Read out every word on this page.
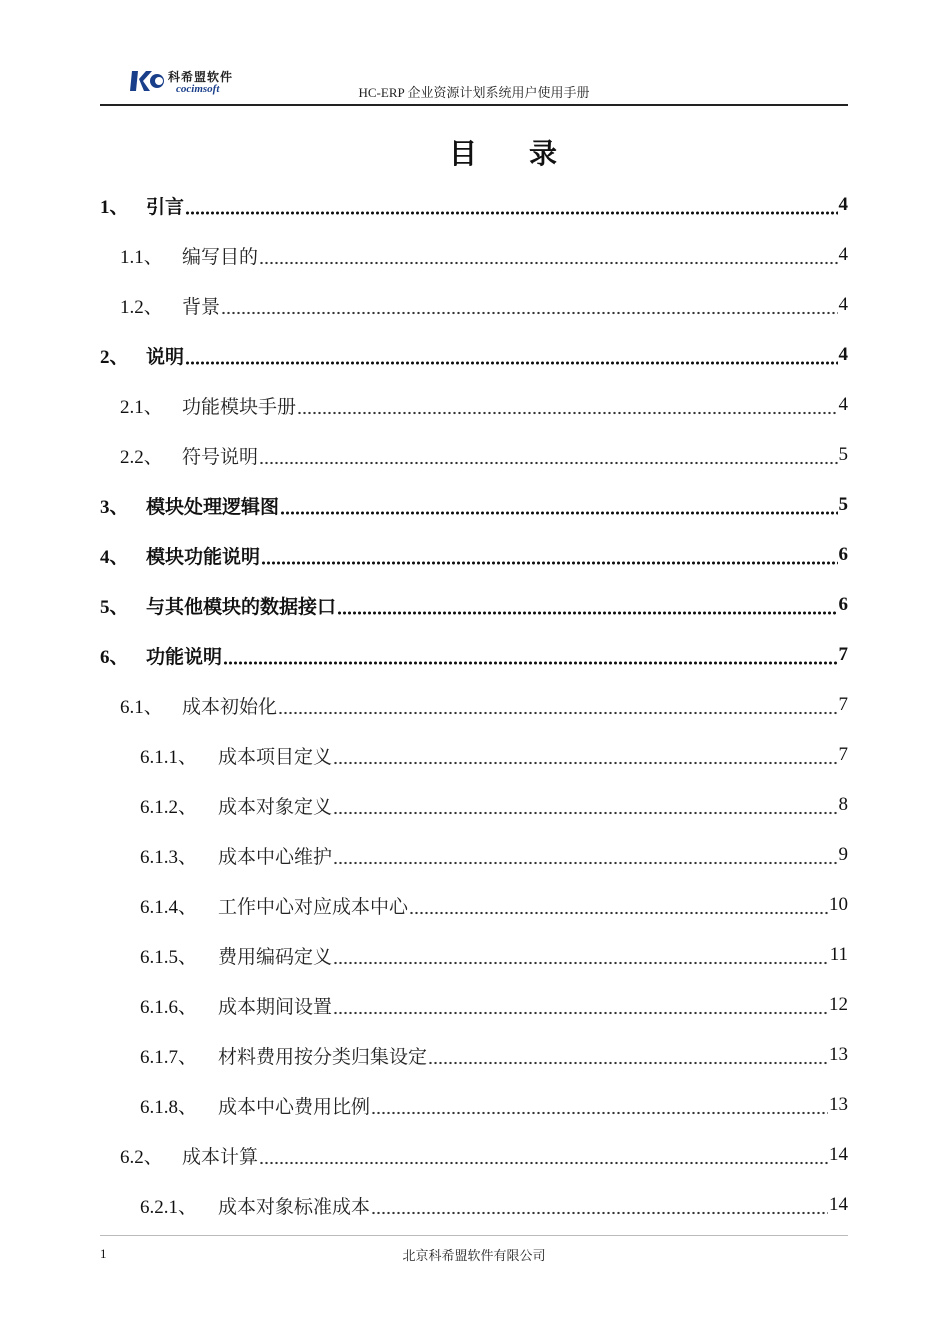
科希盟软件
cocimsoft	HC-ERP 企业资源计划系统用户使用手册
目 录
1、 引言	4
1.1、	编写目的	4
1.2、	背景	4
2、 说明	4
2.1、	功能模块手册	4
2.2、	符号说明	5
3、 模块处理逻辑图	5
4、 模块功能说明	6
5、 与其他模块的数据接口	6
6、 功能说明	7
6.1、	成本初始化	7
6.1.1、	成本项目定义	7
6.1.2、	成本对象定义	8
6.1.3、	成本中心维护	9
6.1.4、	工作中心对应成本中心	10
6.1.5、	费用编码定义	11
6.1.6、	成本期间设置	12
6.1.7、	材料费用按分类归集设定	13
6.1.8、	成本中心费用比例	13
6.2、	成本计算	14
6.2.1、	成本对象标准成本	14
1	北京科希盟软件有限公司
